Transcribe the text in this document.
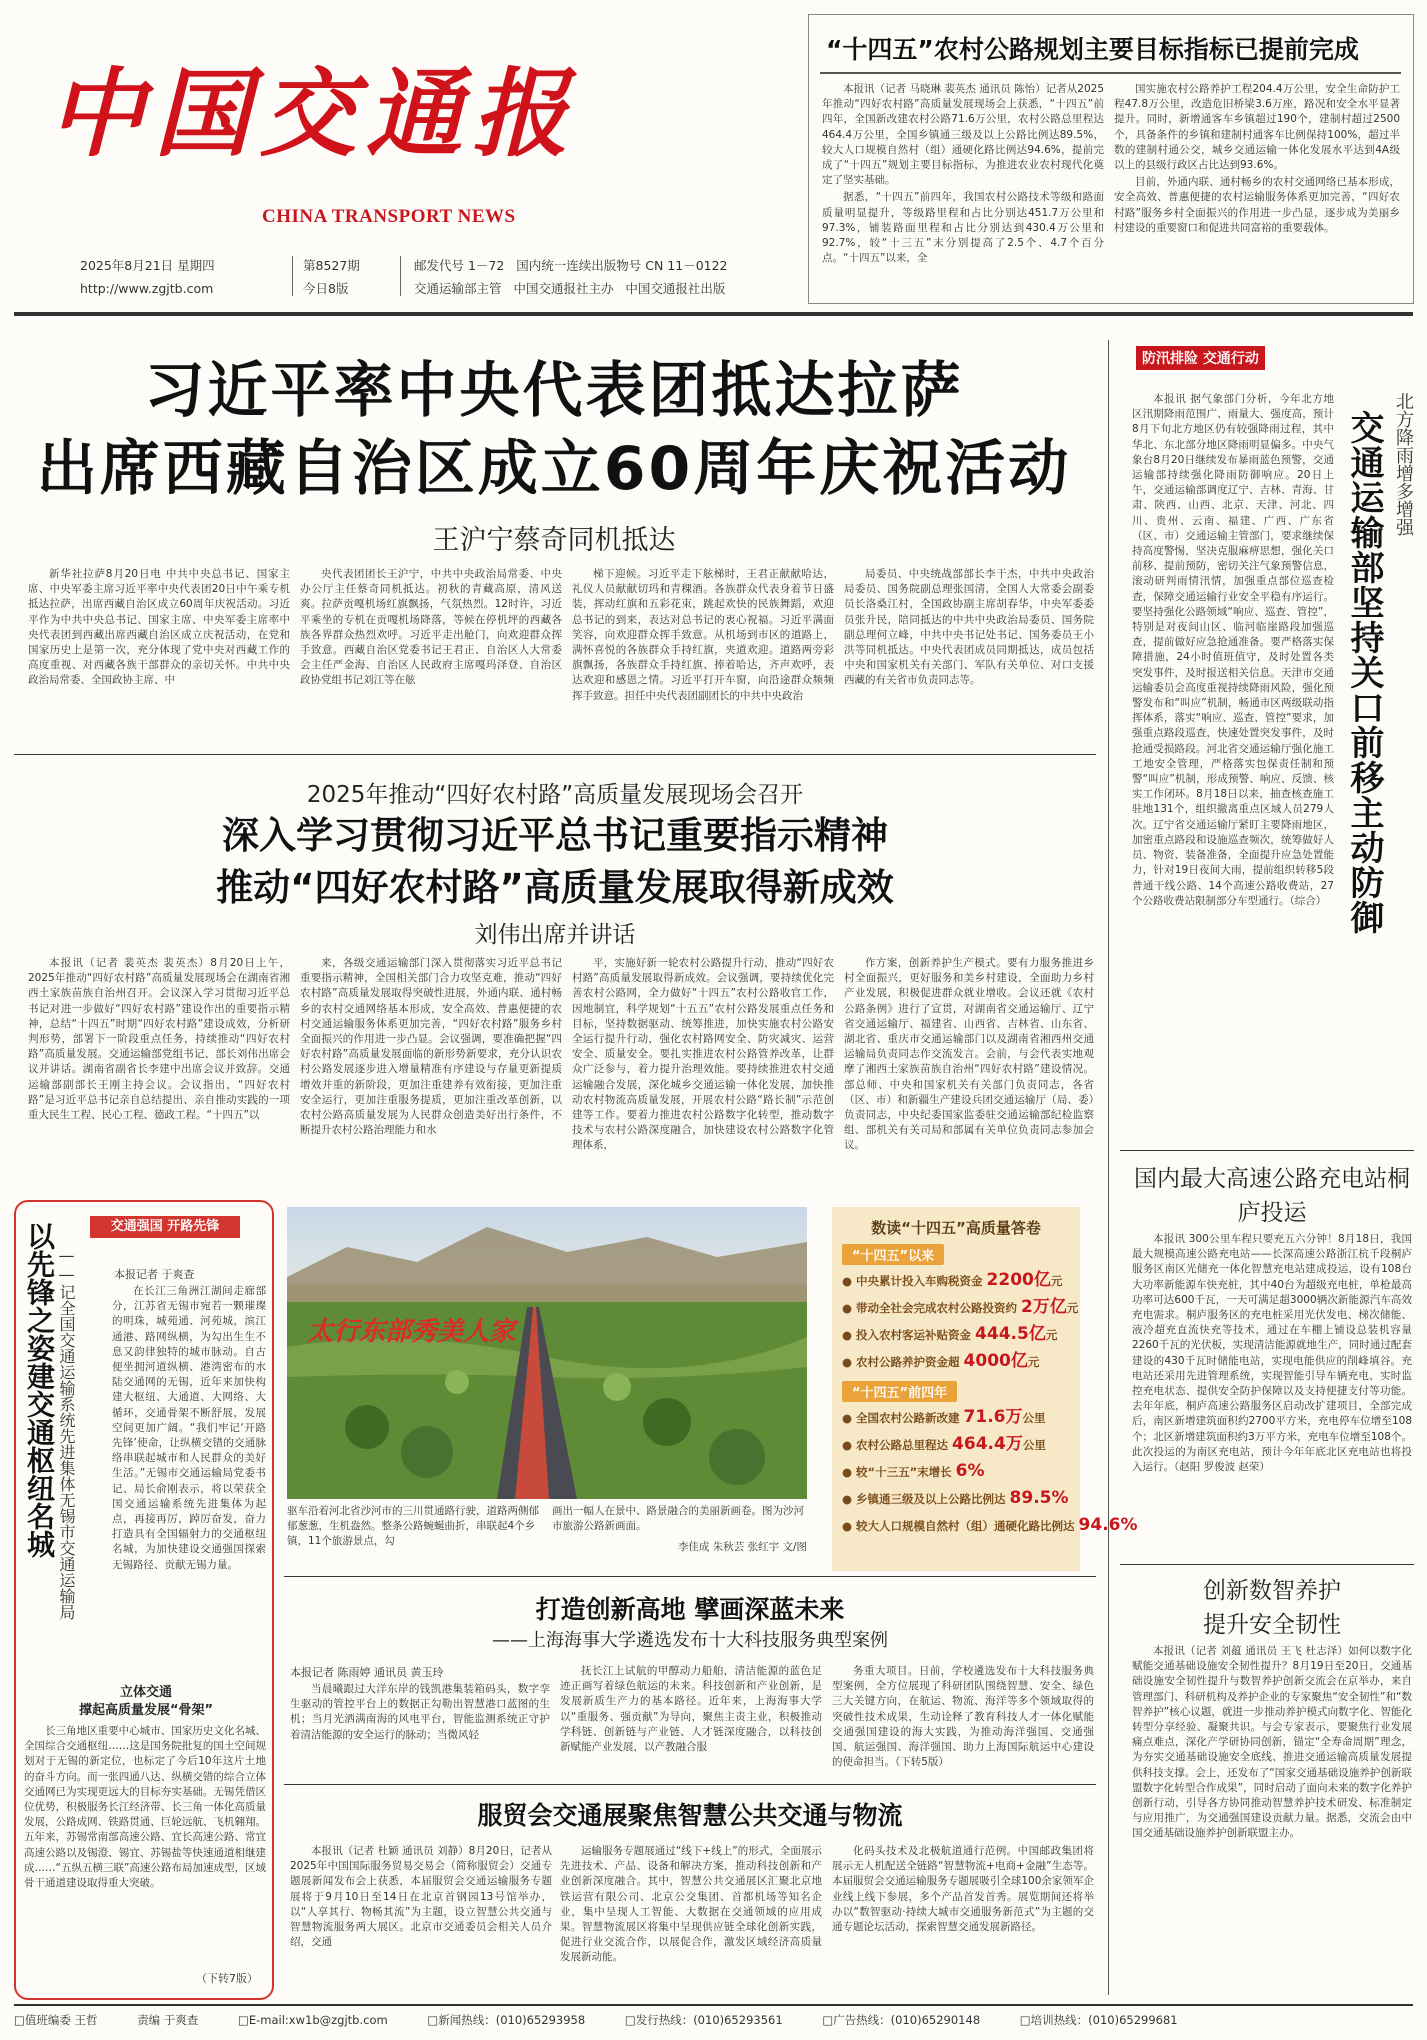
中国交通报
CHINA TRANSPORT NEWS
2025年8月21日 星期四
http://www.zgjtb.com
第8527期
今日8版
邮发代号 1－72 国内统一连续出版物号 CN 11－0122
交通运输部主管 中国交通报社主办 中国交通报社出版
“十四五”农村公路规划主要目标指标已提前完成

本报讯（记者 马晓琳 裴英杰 通讯员 陈怡）记者从2025年推动“四好农村路”高质量发展现场会上获悉，“十四五”前四年，全国新改建农村公路71.6万公里，农村公路总里程达464.4万公里，全国乡镇通三级及以上公路比例达89.5%，较大人口规模自然村（组）通硬化路比例达94.6%，提前完成了“十四五”规划主要目标指标，为推进农业农村现代化奠定了坚实基础。

据悉，“十四五”前四年，我国农村公路技术等级和路面质量明显提升，等级路里程和占比分别达451.7万公里和97.3%，铺装路面里程和占比分别达到430.4万公里和92.7%，较“十三五”末分别提高了2.5个、4.7个百分点。“十四五”以来，全

国实施农村公路养护工程204.4万公里，安全生命防护工程47.8万公里，改造危旧桥梁3.6万座，路况和安全水平显著提升。同时，新增通客车乡镇超过190个，建制村超过2500个，具备条件的乡镇和建制村通客车比例保持100%，超过半数的建制村通公交，城乡交通运输一体化发展水平达到4A级以上的县级行政区占比达到93.6%。

目前，外通内联、通村畅乡的农村交通网络已基本形成，安全高效、普惠便捷的农村运输服务体系更加完善，“四好农村路”服务乡村全面振兴的作用进一步凸显，逐步成为美丽乡村建设的重要窗口和促进共同富裕的重要载体。

习近平率中央代表团抵达拉萨
出席西藏自治区成立60周年庆祝活动
王沪宁蔡奇同机抵达

新华社拉萨8月20日电 中共中央总书记、国家主席、中央军委主席习近平率中央代表团20日中午乘专机抵达拉萨，出席西藏自治区成立60周年庆祝活动。习近平作为中共中央总书记、国家主席、中央军委主席率中央代表团到西藏出席西藏自治区成立庆祝活动，在党和国家历史上是第一次，充分体现了党中央对西藏工作的高度重视、对西藏各族干部群众的亲切关怀。中共中央政治局常委、全国政协主席、中

央代表团团长王沪宁，中共中央政治局常委、中央办公厅主任蔡奇同机抵达。初秋的青藏高原，清风送爽。拉萨贡嘎机场红旗飘扬，气氛热烈。12时许，习近平乘坐的专机在贡嘎机场降落，等候在停机坪的西藏各族各界群众热烈欢呼。习近平走出舱门，向欢迎群众挥手致意。西藏自治区党委书记王君正、自治区人大常委会主任严金海、自治区人民政府主席嘎玛泽登、自治区政协党组书记刘江等在舷

梯下迎候。习近平走下舷梯时，王君正献献哈达，礼仪人员献献切玛和青稞酒。各族群众代表身着节日盛装，挥动红旗和五彩花束，跳起欢快的民族舞蹈，欢迎总书记的到来，表达对总书记的衷心祝福。习近平满面笑容，向欢迎群众挥手致意。从机场到市区的道路上，满怀喜悦的各族群众手持红旗，夹道欢迎。道路两旁彩旗飘扬，各族群众手持红旗、捧着哈达，齐声欢呼，表达欢迎和感恩之情。习近平打开车窗，向沿途群众频频挥手致意。担任中央代表团副团长的中共中央政治

局委员、中央统战部部长李干杰，中共中央政治局委员、国务院副总理张国清，全国人大常委会副委员长洛桑江村，全国政协副主席胡春华，中央军委委员张升民，陪同抵达的中共中央政治局委员、国务院副总理何立峰，中共中央书记处书记、国务委员王小洪等同机抵达。中央代表团成员同期抵达，成员包括中央和国家机关有关部门、军队有关单位、对口支援西藏的有关省市负责同志等。

防汛排险 交通行动
北方降雨增多增强
交通运输部坚持关口前移主动防御

本报讯 据气象部门分析，今年北方地区汛期降雨范围广、雨量大、强度高，预计8月下旬北方地区仍有较强降雨过程，其中华北、东北部分地区降雨明显偏多。中央气象台8月20日继续发布暴雨蓝色预警，交通运输部持续强化降雨防御响应。20日上午，交通运输部调度辽宁、吉林、青海、甘肃、陕西、山西、北京、天津、河北、四川、贵州、云南、福建、广西、广东省（区、市）交通运输主管部门，要求继续保持高度警惕，坚决克服麻痹思想，强化关口前移、提前预防，密切关注气象预警信息，滚动研判雨情汛情，加强重点部位巡查检查，保障交通运输行业安全平稳有序运行。要坚持强化公路领域“响应、巡查、管控”，特别是对夜间山区、临河临崖路段加强巡查，提前做好应急抢通准备。要严格落实保障措施，24小时值班值守，及时处置各类突发事件，及时报送相关信息。天津市交通运输委员会高度重视持续降雨风险，强化预警发布和“叫应”机制，畅通市区两级联动指挥体系，落实“响应、巡查、管控”要求，加强重点路段巡查，快速处置突发事件，及时抢通受损路段。河北省交通运输厅强化施工工地安全管理，严格落实包保责任制和预警“叫应”机制，形成预警、响应、反馈、核实工作闭环。8月18日以来，抽查核查施工驻地131个，组织撤离重点区域人员279人次。辽宁省交通运输厅紧盯主要降雨地区，加密重点路段和设施巡查频次，统筹做好人员、物资、装备准备，全面提升应急处置能力，针对19日夜间大雨，提前组织转移5段普通干线公路、14个高速公路收费站，27个公路收费站限制部分车型通行。（综合）

国内最大高速公路充电站桐庐投运

本报讯 300公里车程只要充五六分钟！8月18日，我国最大规模高速公路充电站——长深高速公路浙江杭千段桐庐服务区南区光储充一体化智慧充电站建成投运，设有108台大功率新能源车快充桩，其中40台为超级充电桩，单枪最高功率可达600千瓦，一天可满足超3000辆次新能源汽车高效充电需求。桐庐服务区的充电桩采用光伏发电、梯次储能、液冷超充直流快充等技术，通过在车棚上铺设总装机容量2260千瓦的光伏板，实现清洁能源就地生产，同时通过配套建设的430千瓦时储能电站，实现电能供应的削峰填谷。充电站还采用先进管理系统，实现智能引导车辆充电、实时监控充电状态、提供安全防护保障以及支持便捷支付等功能。去年年底，桐庐高速公路服务区启动改扩建项目，全部完成后，南区新增建筑面积约2700平方米，充电停车位增至108个；北区新增建筑面积约3万平方米，充电车位增至108个。此次投运的为南区充电站，预计今年年底北区充电站也将投入运行。（赵阳 罗俊波 赵荣）

创新数智养护提升安全韧性

本报讯（记者 刘蕴 通讯员 王飞 杜志泽）如何以数字化赋能交通基础设施安全韧性提升？8月19日至20日，交通基础设施安全韧性提升与数智养护创新交流会在京举办，来自管理部门、科研机构及养护企业的专家聚焦“安全韧性”和“数智养护”核心议题，就进一步推动养护模式向数字化、智能化转型分享经验、凝聚共识。与会专家表示，要聚焦行业发展痛点难点，深化产学研协同创新，锚定“全寿命周期”理念，为夯实交通基础设施安全底线、推进交通运输高质量发展提供科技支撑。会上，还发布了“国家交通基础设施养护创新联盟数字化转型合作成果”，同时启动了面向未来的数字化养护创新行动，引导各方协同推动智慧养护技术研发、标准制定与应用推广，为交通强国建设贡献力量。据悉，交流会由中国交通基础设施养护创新联盟主办。

2025年推动“四好农村路”高质量发展现场会召开
深入学习贯彻习近平总书记重要指示精神
推动“四好农村路”高质量发展取得新成效
刘伟出席并讲话

本报讯（记者 裴英杰 裴英杰）8月20日上午，2025年推动“四好农村路”高质量发展现场会在湖南省湘西土家族苗族自治州召开。会议深入学习贯彻习近平总书记对进一步做好“四好农村路”建设作出的重要指示精神，总结“十四五”时期“四好农村路”建设成效，分析研判形势，部署下一阶段重点任务，持续推动“四好农村路”高质量发展。交通运输部党组书记、部长刘伟出席会议并讲话。湖南省副省长李建中出席会议并致辞。交通运输部副部长王刚主持会议。会议指出，“四好农村路”是习近平总书记亲自总结提出、亲自推动实践的一项重大民生工程、民心工程、德政工程。“十四五”以

来，各级交通运输部门深入贯彻落实习近平总书记重要指示精神，全国相关部门合力攻坚克难，推动“四好农村路”高质量发展取得突破性进展，外通内联、通村畅乡的农村交通网络基本形成，安全高效、普惠便捷的农村交通运输服务体系更加完善，“四好农村路”服务乡村全面振兴的作用进一步凸显。会议强调，要准确把握“四好农村路”高质量发展面临的新形势新要求，充分认识农村公路发展逐步进入增量精准有序建设与存量更新提质增效并重的新阶段，更加注重建养有效衔接，更加注重安全运行，更加注重服务提质，更加注重改革创新，以农村公路高质量发展为人民群众创造美好出行条件，不断提升农村公路治理能力和水

平，实施好新一轮农村公路提升行动，推动“四好农村路”高质量发展取得新成效。会议强调，要持续优化完善农村公路网，全力做好“十四五”农村公路收官工作，因地制宜，科学规划“十五五”农村公路发展重点任务和目标，坚持数据驱动、统筹推进，加快实施农村公路安全运行提升行动，强化农村路网安全、防灾减灾、运营安全、质量安全。要扎实推进农村公路管养改革，让群众广泛参与，着力提升治理效能。要持续推进农村交通运输融合发展，深化城乡交通运输一体化发展，加快推动农村物流高质量发展，开展农村公路“路长制”示范创建等工作。要着力推进农村公路数字化转型，推动数字技术与农村公路深度融合，加快建设农村公路数字化管理体系，

作方案，创新养护生产模式。要有力服务推进乡村全面振兴，更好服务和美乡村建设，全面助力乡村产业发展，积极促进群众就业增收。会议还就《农村公路条例》进行了宣贯，对湖南省交通运输厅、辽宁省交通运输厅、福建省、山西省、吉林省、山东省、湖北省、重庆市交通运输部门以及湖南省湘西州交通运输局负责同志作交流发言。会前，与会代表实地观摩了湘西土家族苗族自治州“四好农村路”建设情况。部总师、中央和国家机关有关部门负责同志，各省（区、市）和新疆生产建设兵团交通运输厅（局、委）负责同志，中央纪委国家监委驻交通运输部纪检监察组、部机关有关司局和部属有关单位负责同志参加会议。

交通强国 开路先锋
以先锋之姿建交通枢纽名城 ——记全国交通运输系统先进集体无锡市交通运输局	本报记者 于爽查

在长江三角洲江湖间走廊部分，江苏省无锡市宛若一颗璀璨的明珠，城苑通、河苑城，滨江通港、路网纵横，为勾出生生不息又韵律独特的城市脉动。自古便坐拥河道纵横、港湾密布的水陆交通网的无锡，近年来加快构建大枢纽、大通道、大网络、大循环，交通骨架不断舒展，发展空间更加广阔。“我们牢记‘开路先锋’使命，让纵横交错的交通脉络串联起城市和人民群众的美好生活。”无锡市交通运输局党委书记、局长俞刚表示，将以荣获全国交通运输系统先进集体为起点，再接再厉，踔厉奋发，奋力打造具有全国辐射力的交通枢纽名城，为加快建设交通强国探索无锡路径、贡献无锡力量。

立体交通
撑起高质量发展“骨架”

长三角地区重要中心城市、国家历史文化名城、全国综合交通枢纽……这是国务院批复的国土空间规划对于无锡的新定位，也标定了今后10年这片土地的奋斗方向。而一张四通八达、纵横交错的综合立体交通网已为实现更远大的目标夯实基础。无锡凭借区位优势，积极服务长江经济带、长三角一体化高质量发展，公路成网、铁路贯通、巨轮远航、飞机翱翔。五年来，苏锡常南部高速公路、宜长高速公路、常宜高速公路以及锡澄、锡宜、苏锡盐等快速通道相继建成……“五纵五横三联”高速公路布局加速成型，区域骨干通道建设取得重大突破。

（下转7版）
太行东部秀美人家
驱车沿着河北省沙河市的三川贯通路行驶，道路两侧郁郁葱葱，生机盎然。整条公路蜿蜒曲折，串联起4个乡镇，11个旅游景点，勾
画出一幅人在景中、路景融合的美丽新画卷。图为沙河市旅游公路新画面。
李佳成 朱秋芸 张红宇 文/图
数读“十四五”高质量答卷
“十四五”以来
● 中央累计投入车购税资金 2200亿元
● 带动全社会完成农村公路投资约 2万亿元
● 投入农村客运补贴资金 444.5亿元
● 农村公路养护资金超 4000亿元
“十四五”前四年
● 全国农村公路新改建 71.6万公里
● 农村公路总里程达 464.4万公里
● 较“十三五”末增长 6%
● 乡镇通三级及以上公路比例达 89.5%
● 较大人口规模自然村（组）通硬化路比例达 94.6%
打造创新高地 擘画深蓝未来
——上海海事大学遴选发布十大科技服务典型案例
本报记者 陈雨婷 通讯员 黄玉玲

当晨曦跟过大洋东岸的钱凯港集装箱码头，数字孪生驱动的管控平台上的数据正勾勒出智慧港口蓝图的生机；当月光洒满南海的风电平台，智能监测系统正守护着清洁能源的安全运行的脉动；当微风轻

抚长江上试航的甲醇动力船舶，清洁能源的蓝色足迹正画写着绿色航运的未来。科技创新和产业创新，是发展新质生产力的基本路径。近年来，上海海事大学以“重服务、强贡献”为导向，聚焦主责主业，积极推动学科链、创新链与产业链、人才链深度融合，以科技创新赋能产业发展，以产教融合服

务重大项目。日前，学校遴选发布十大科技服务典型案例，全方位展现了科研团队围绕智慧、安全、绿色三大关键方向，在航运、物流、海洋等多个领域取得的突破性技术成果，生动诠释了教育科技人才一体化赋能交通强国建设的海大实践，为推动海洋强国、交通强国、航运强国、海洋强国、助力上海国际航运中心建设的使命担当。（下转5版）

服贸会交通展聚焦智慧公共交通与物流

本报讯（记者 杜颖 通讯员 刘静）8月20日，记者从2025年中国国际服务贸易交易会（简称服贸会）交通专题展新闻发布会上获悉，本届服贸会交通运输服务专题展将于9月10日至14日在北京首钢园13号馆举办，以“人享其行、物畅其流”为主题，设立智慧公共交通与智慧物流服务两大展区。北京市交通委员会相关人员介绍，交通

运输服务专题展通过“线下+线上”的形式，全面展示先进技术、产品、设备和解决方案，推动科技创新和产业创新深度融合。其中，智慧公共交通展区汇聚北京地铁运营有限公司、北京公交集团、首都机场等知名企业，集中呈现人工智能、大数据在交通领域的应用成果。智慧物流展区将集中呈现供应链全球化创新实践，促进行业交流合作，以展促合作，激发区域经济高质量发展新动能。

化码头技术及北极航道通行范例。中国邮政集团将展示无人机配送全链路“智慧物流+电商+金融”生态等。本届服贸会交通运输服务专题展吸引全球100余家领军企业线上线下参展，多个产品首发首秀。展览期间还将举办以“数智驱动·持续大城市交通服务新范式”为主题的交通专题论坛活动，探索智慧交通发展新路径。

□值班编委 王哲	责编 于爽查	□E-mail:xw1b@zgjtb.com	□新闻热线：(010)65293958	□发行热线：(010)65293561	□广告热线：(010)65290148	□培训热线：(010)65299681
